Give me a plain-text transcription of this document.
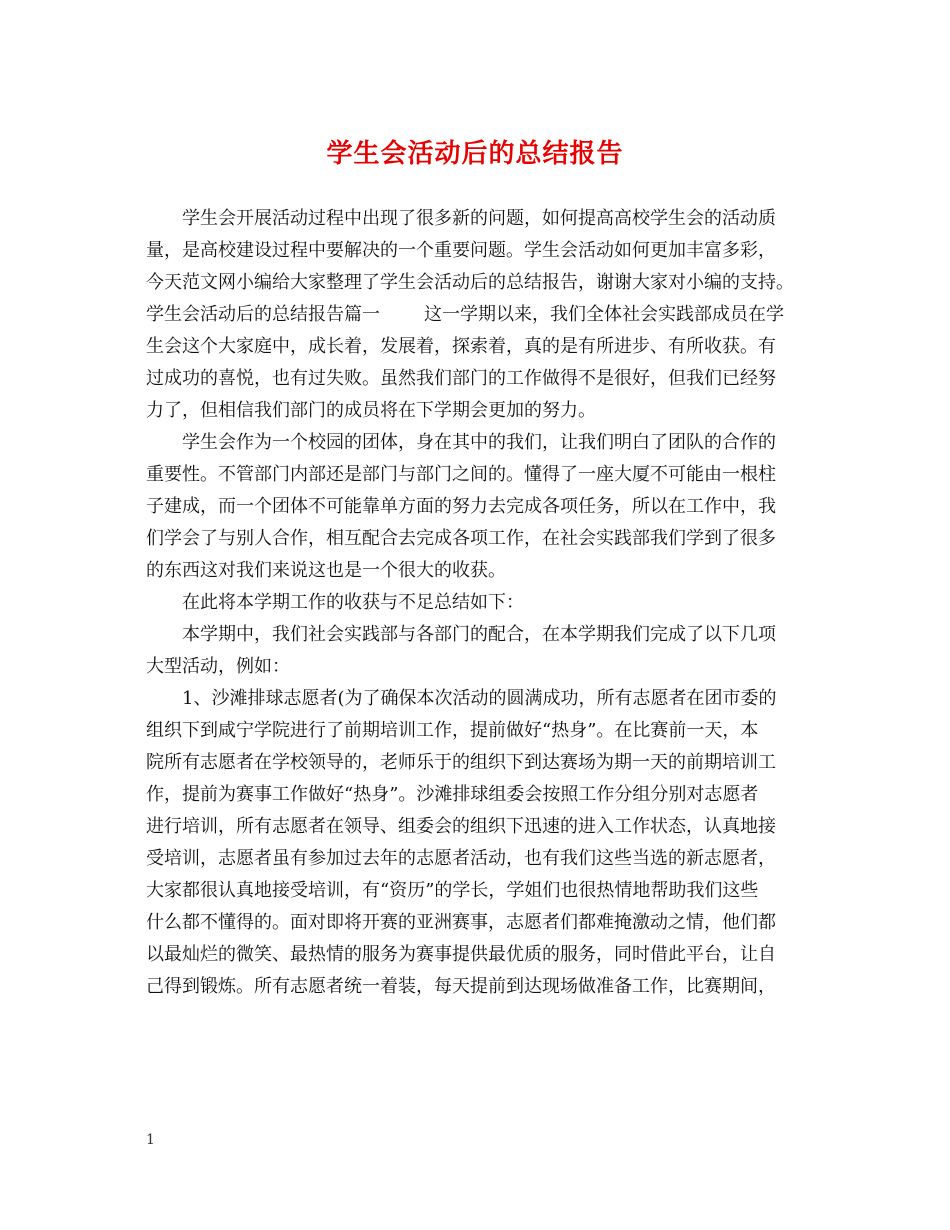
学生会活动后的总结报告
学生会开展活动过程中出现了很多新的问题，如何提高高校学生会的活动质
量，是高校建设过程中要解决的一个重要问题。学生会活动如何更加丰富多彩，
今天范文网小编给大家整理了学生会活动后的总结报告，谢谢大家对小编的支持。
学生会活动后的总结报告篇一 这一学期以来，我们全体社会实践部成员在学
生会这个大家庭中，成长着，发展着，探索着，真的是有所进步、有所收获。有
过成功的喜悦，也有过失败。虽然我们部门的工作做得不是很好，但我们已经努
力了，但相信我们部门的成员将在下学期会更加的努力。
学生会作为一个校园的团体，身在其中的我们，让我们明白了团队的合作的
重要性。不管部门内部还是部门与部门之间的。懂得了一座大厦不可能由一根柱
子建成，而一个团体不可能靠单方面的努力去完成各项任务，所以在工作中，我
们学会了与别人合作，相互配合去完成各项工作，在社会实践部我们学到了很多
的东西这对我们来说这也是一个很大的收获。
在此将本学期工作的收获与不足总结如下：
本学期中，我们社会实践部与各部门的配合，在本学期我们完成了以下几项
大型活动，例如：
1、沙滩排球志愿者(为了确保本次活动的圆满成功，所有志愿者在团市委的
组织下到咸宁学院进行了前期培训工作，提前做好“热身”。在比赛前一天，本
院所有志愿者在学校领导的，老师乐于的组织下到达赛场为期一天的前期培训工
作，提前为赛事工作做好“热身”。沙滩排球组委会按照工作分组分别对志愿者
进行培训，所有志愿者在领导、组委会的组织下迅速的进入工作状态，认真地接
受培训，志愿者虽有参加过去年的志愿者活动，也有我们这些当选的新志愿者，
大家都很认真地接受培训，有“资历”的学长，学姐们也很热情地帮助我们这些
什么都不懂得的。面对即将开赛的亚洲赛事，志愿者们都难掩激动之情，他们都
以最灿烂的微笑、最热情的服务为赛事提供最优质的服务，同时借此平台，让自
己得到锻炼。所有志愿者统一着装，每天提前到达现场做准备工作，比赛期间，
1
